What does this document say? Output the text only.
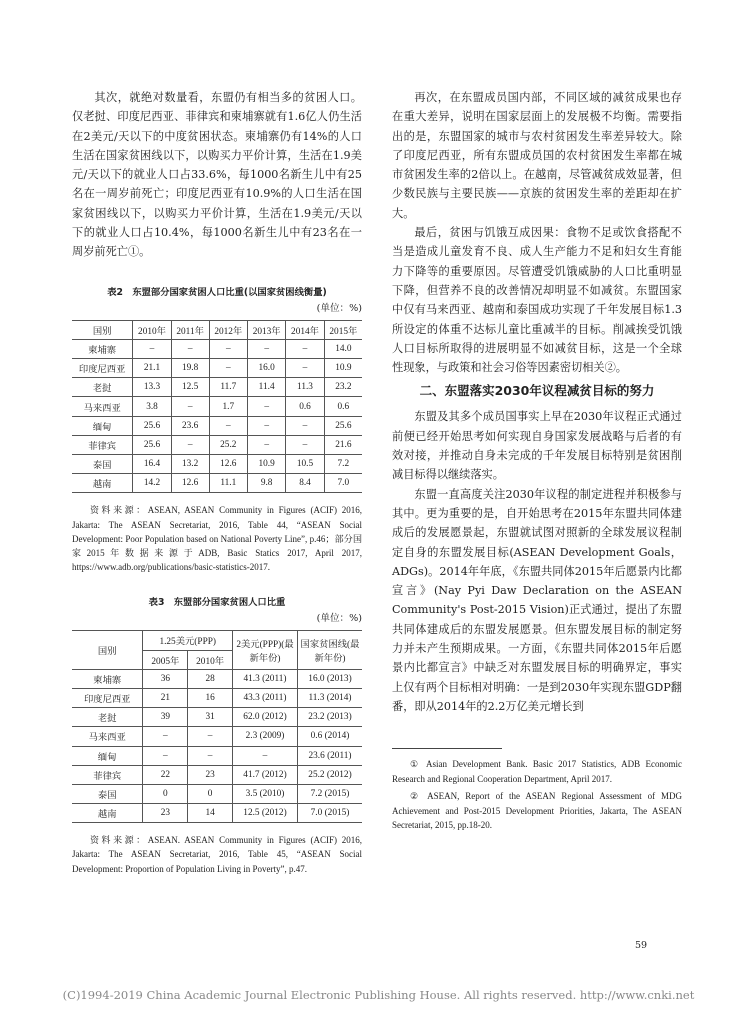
其次，就绝对数量看，东盟仍有相当多的贫困人口。仅老挝、印度尼西亚、菲律宾和柬埔寨就有1.6亿人仍生活在2美元/天以下的中度贫困状态。柬埔寨仍有14%的人口生活在国家贫困线以下，以购买力平价计算，生活在1.9美元/天以下的就业人口占33.6%，每1000名新生儿中有25名在一周岁前死亡；印度尼西亚有10.9%的人口生活在国家贫困线以下，以购买力平价计算，生活在1.9美元/天以下的就业人口占10.4%，每1000名新生儿中有23名在一周岁前死亡①。

表2　东盟部分国家贫困人口比重(以国家贫困线衡量)

(单位：%)

国别	2010年	2011年	2012年	2013年	2014年	2015年
柬埔寨	–	–	–	–	–	14.0
印度尼西亚	21.1	19.8	–	16.0	–	10.9
老挝	13.3	12.5	11.7	11.4	11.3	23.2
马来西亚	3.8	–	1.7	–	0.6	0.6
缅甸	25.6	23.6	–	–	–	25.6
菲律宾	25.6	–	25.2	–	–	21.6
泰国	16.4	13.2	12.6	10.9	10.5	7.2
越南	14.2	12.6	11.1	9.8	8.4	7.0

资料来源：ASEAN, ASEAN Community in Figures (ACIF) 2016, Jakarta: The ASEAN Secretariat, 2016, Table 44, “ASEAN Social Development: Poor Population based on National Poverty Line”, p.46；部分国家2015年数据来源于ADB, Basic Statics 2017, April 2017, https://www.adb.org/publications/basic-statistics-2017.

表3　东盟部分国家贫困人口比重

(单位：%)

国别	1.25美元(PPP)		2美元(PPP)(最新年份)	国家贫困线(最新年份)
	2005年	2010年		
柬埔寨	36	28	41.3 (2011)	16.0 (2013)
印度尼西亚	21	16	43.3 (2011)	11.3 (2014)
老挝	39	31	62.0 (2012)	23.2 (2013)
马来西亚	–	–	2.3 (2009)	0.6 (2014)
缅甸	–	–	–	23.6 (2011)
菲律宾	22	23	41.7 (2012)	25.2 (2012)
泰国	0	0	3.5 (2010)	7.2 (2015)
越南	23	14	12.5 (2012)	7.0 (2015)

资料来源：ASEAN. ASEAN Community in Figures (ACIF) 2016, Jakarta: The ASEAN Secretariat, 2016, Table 45, “ASEAN Social Development: Proportion of Population Living in Poverty”, p.47.

再次，在东盟成员国内部，不同区域的减贫成果也存在重大差异，说明在国家层面上的发展极不均衡。需要指出的是，东盟国家的城市与农村贫困发生率差异较大。除了印度尼西亚，所有东盟成员国的农村贫困发生率都在城市贫困发生率的2倍以上。在越南，尽管减贫成效显著，但少数民族与主要民族——京族的贫困发生率的差距却在扩大。

最后，贫困与饥饿互成因果：食物不足或饮食搭配不当是造成儿童发育不良、成人生产能力不足和妇女生育能力下降等的重要原因。尽管遭受饥饿威胁的人口比重明显下降，但营养不良的改善情况却明显不如减贫。东盟国家中仅有马来西亚、越南和泰国成功实现了千年发展目标1.3所设定的体重不达标儿童比重减半的目标。削减挨受饥饿人口目标所取得的进展明显不如减贫目标，这是一个全球性现象，与政策和社会习俗等因素密切相关②。

二、东盟落实2030年议程减贫目标的努力

东盟及其多个成员国事实上早在2030年议程正式通过前便已经开始思考如何实现自身国家发展战略与后者的有效对接，并推动自身未完成的千年发展目标特别是贫困削减目标得以继续落实。

东盟一直高度关注2030年议程的制定进程并积极参与其中。更为重要的是，自开始思考在2015年东盟共同体建成后的发展愿景起，东盟就试图对照新的全球发展议程制定自身的东盟发展目标(ASEAN Development Goals，ADGs)。2014年年底，《东盟共同体2015年后愿景内比都宣言》(Nay Pyi Daw Declaration on the ASEAN Community's Post-2015 Vision)正式通过，提出了东盟共同体建成后的东盟发展愿景。但东盟发展目标的制定努力并未产生预期成果。一方面，《东盟共同体2015年后愿景内比都宣言》中缺乏对东盟发展目标的明确界定，事实上仅有两个目标相对明确：一是到2030年实现东盟GDP翻番，即从2014年的2.2万亿美元增长到

① Asian Development Bank. Basic 2017 Statistics, ADB Economic Research and Regional Cooperation Department, April 2017.

② ASEAN, Report of the ASEAN Regional Assessment of MDG Achievement and Post-2015 Development Priorities, Jakarta, The ASEAN Secretariat, 2015, pp.18-20.

59
(C)1994-2019 China Academic Journal Electronic Publishing House. All rights reserved. http://www.cnki.net
